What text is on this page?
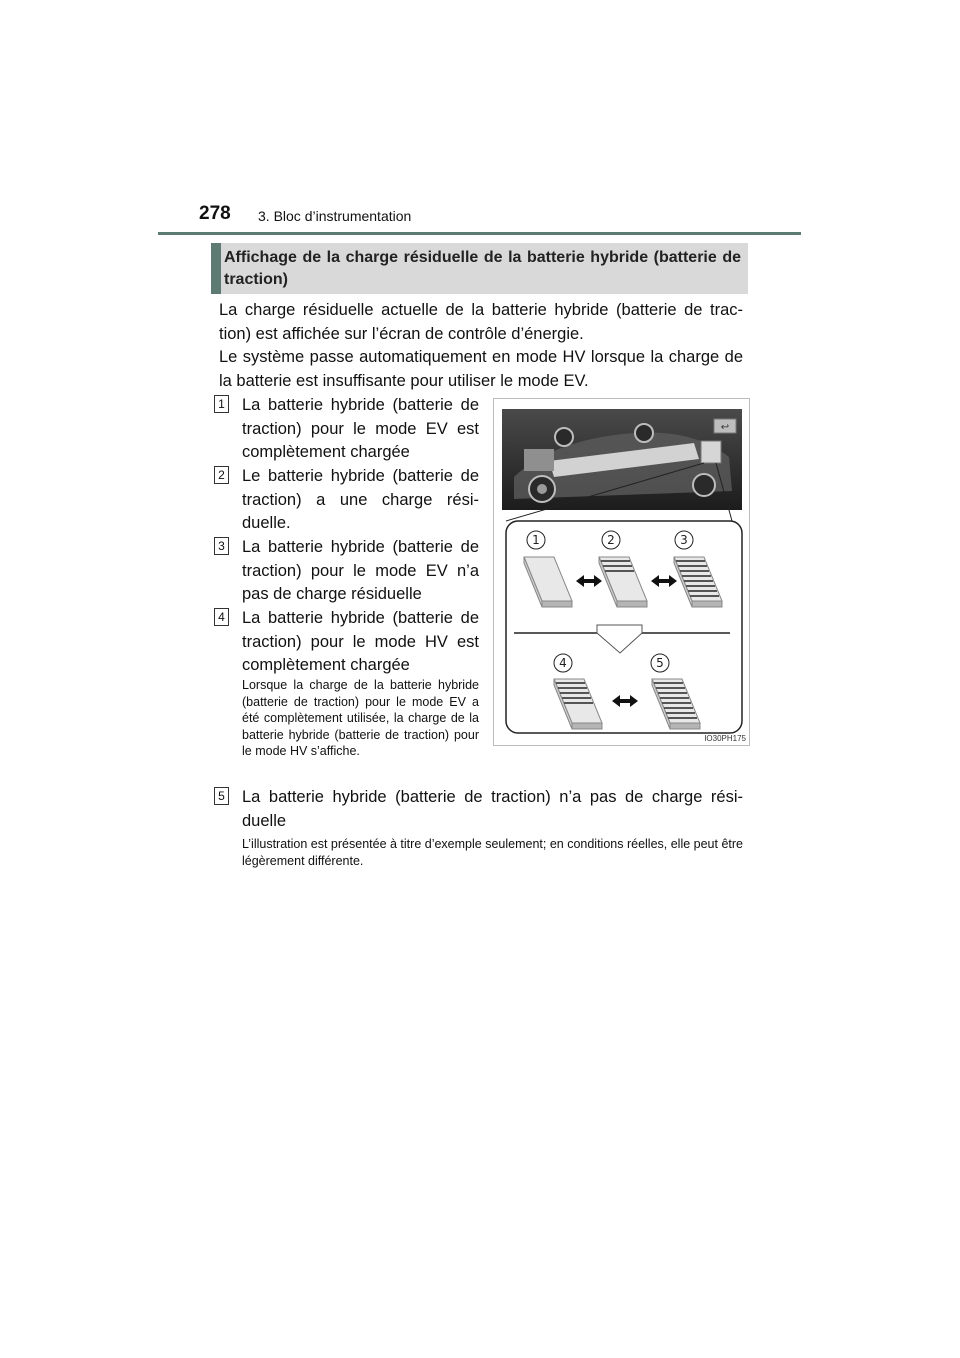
278 3. Bloc d’instrumentation
Affichage de la charge résiduelle de la batterie hybride (batterie de traction)
La charge résiduelle actuelle de la batterie hybride (batterie de trac-tion) est affichée sur l’écran de contrôle d’énergie.
Le système passe automatiquement en mode HV lorsque la charge de la batterie est insuffisante pour utiliser le mode EV.
1 La batterie hybride (batterie de traction) pour le mode EV est complètement chargée
2 Le batterie hybride (batterie de traction) a une charge rési-duelle.
3 La batterie hybride (batterie de traction) pour le mode EV n’a pas de charge résiduelle
4 La batterie hybride (batterie de traction) pour le mode HV est complètement chargée
Lorsque la charge de la batterie hybride (batterie de traction) pour le mode EV a été complètement utilisée, la charge de la batterie hybride (batterie de traction) pour le mode HV s’affiche.
5 La batterie hybride (batterie de traction) n’a pas de charge rési-duelle
L’illustration est présentée à titre d’exemple seulement; en conditions réelles, elle peut être légèrement différente.
↩
1	2	3
4	5
IO30PH175
